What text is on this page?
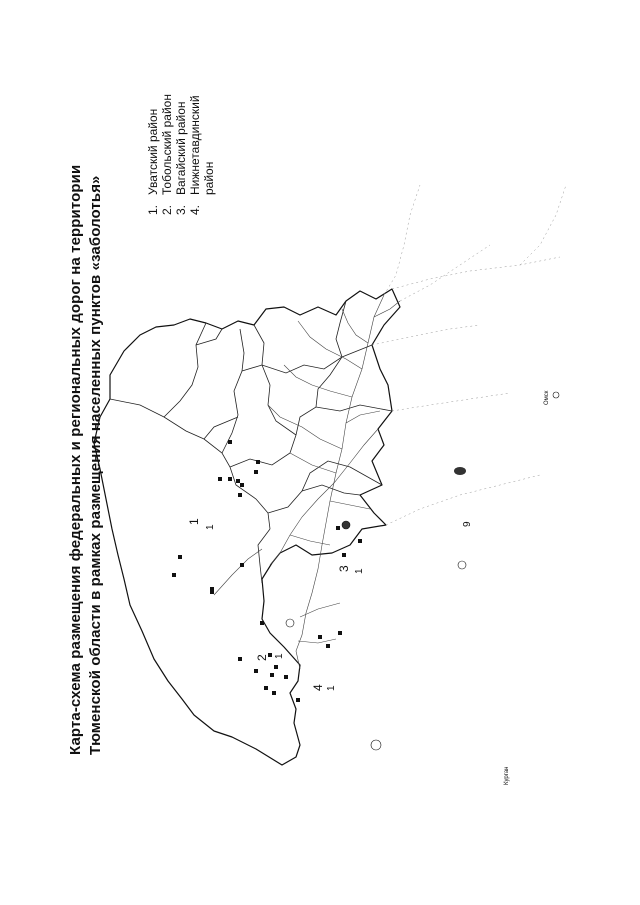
Карта-схема размещения федеральных и региональных дорог на территории Тюменской области в рамках размещения населенных пунктов «заболотья»	1.
Уватский район
2.
Тобольский район
3.
Вагайский район
4.
Нижнетавдинский район
1
1
2 1
3 1
4 1
9
Курган
Омск
